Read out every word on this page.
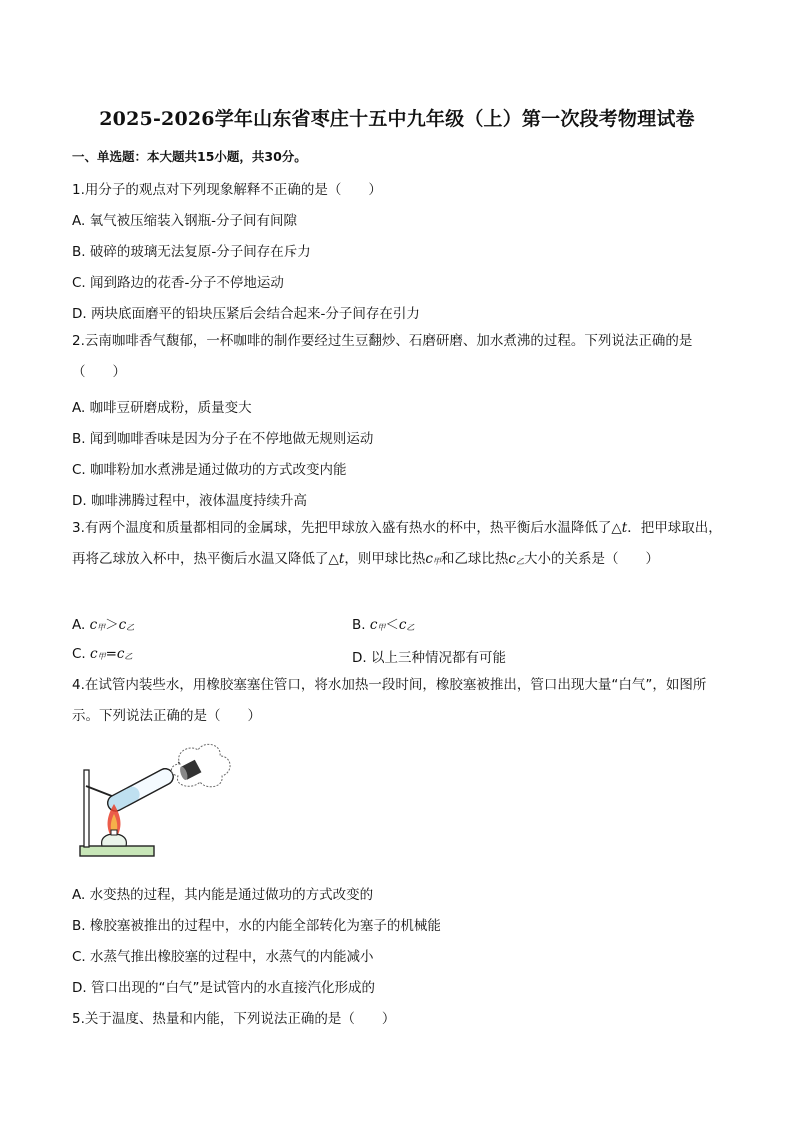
2025-2026学年山东省枣庄十五中九年级（上）第一次段考物理试卷
一、单选题：本大题共15小题，共30分。
1.用分子的观点对下列现象解释不正确的是（　　）
A. 氧气被压缩装入钢瓶-分子间有间隙
B. 破碎的玻璃无法复原-分子间存在斥力
C. 闻到路边的花香-分子不停地运动
D. 两块底面磨平的铅块压紧后会结合起来-分子间存在引力
2.云南咖啡香气馥郁，一杯咖啡的制作要经过生豆翻炒、石磨研磨、加水煮沸的过程。下列说法正确的是（　　）
A. 咖啡豆研磨成粉，质量变大
B. 闻到咖啡香味是因为分子在不停地做无规则运动
C. 咖啡粉加水煮沸是通过做功的方式改变内能
D. 咖啡沸腾过程中，液体温度持续升高
3.有两个温度和质量都相同的金属球，先把甲球放入盛有热水的杯中，热平衡后水温降低了△t．把甲球取出，再将乙球放入杯中，热平衡后水温又降低了△t，则甲球比热c甲和乙球比热c乙大小的关系是（　　）
A. c甲＞c乙	B. c甲＜c乙
C. c甲=c乙	D. 以上三种情况都有可能
4.在试管内装些水，用橡胶塞塞住管口，将水加热一段时间，橡胶塞被推出，管口出现大量“白气”，如图所示。下列说法正确的是（　　）
A. 水变热的过程，其内能是通过做功的方式改变的
B. 橡胶塞被推出的过程中，水的内能全部转化为塞子的机械能
C. 水蒸气推出橡胶塞的过程中，水蒸气的内能减小
D. 管口出现的“白气”是试管内的水直接汽化形成的
5.关于温度、热量和内能，下列说法正确的是（　　）
